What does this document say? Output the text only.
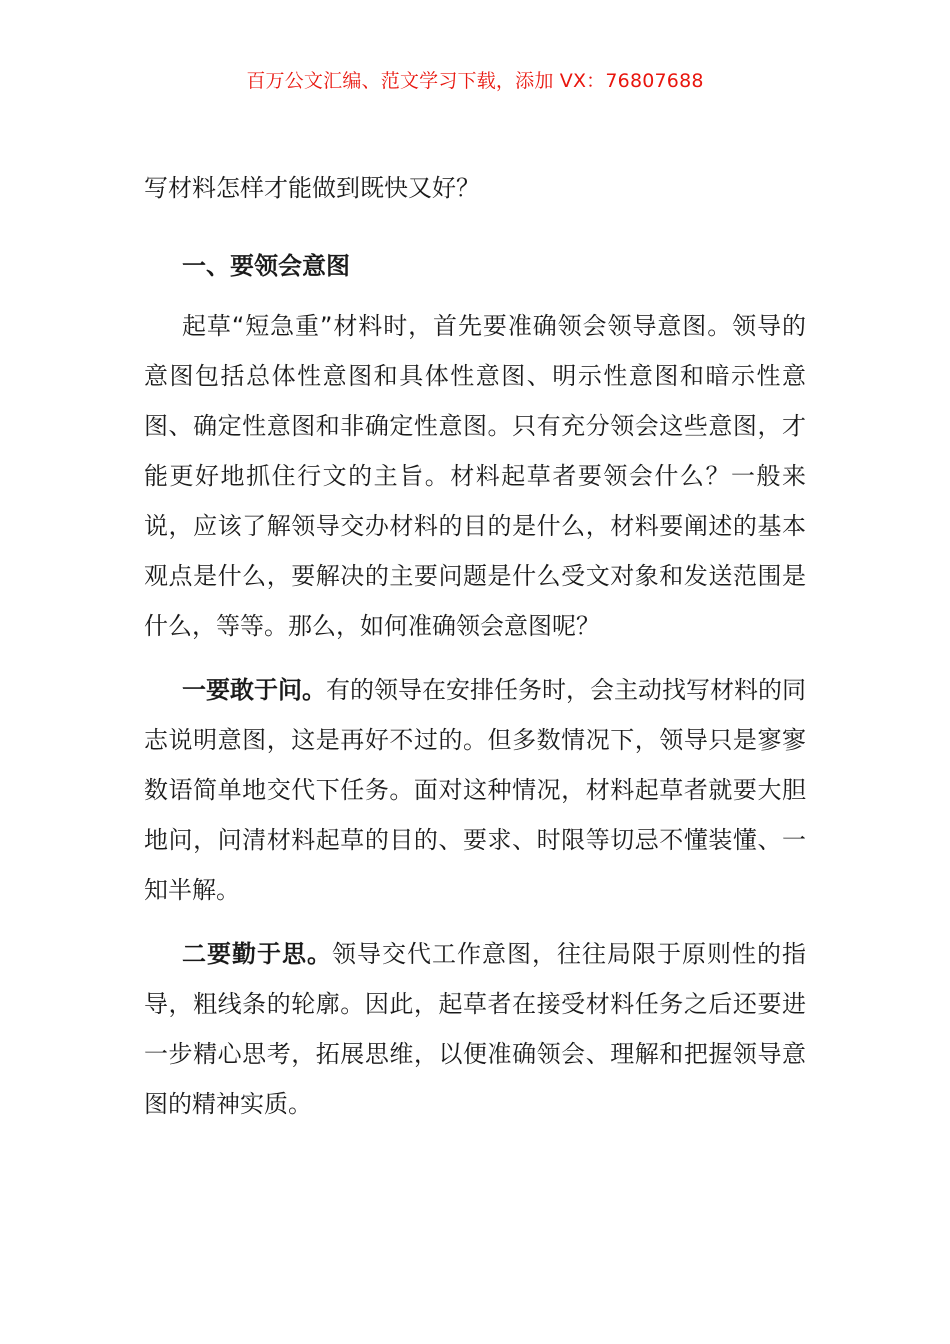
百万公文汇编、范文学习下载，添加 VX：76807688

写材料怎样才能做到既快又好？

一、要领会意图

起草“短急重”材料时，首先要准确领会领导意图。领导的意图包括总体性意图和具体性意图、明示性意图和暗示性意图、确定性意图和非确定性意图。只有充分领会这些意图，才能更好地抓住行文的主旨。材料起草者要领会什么？一般来说，应该了解领导交办材料的目的是什么，材料要阐述的基本观点是什么，要解决的主要问题是什么受文对象和发送范围是什么，等等。那么，如何准确领会意图呢？

一要敢于问。有的领导在安排任务时，会主动找写材料的同志说明意图，这是再好不过的。但多数情况下，领导只是寥寥数语简单地交代下任务。面对这种情况，材料起草者就要大胆地问，问清材料起草的目的、要求、时限等切忌不懂装懂、一知半解。

二要勤于思。领导交代工作意图，往往局限于原则性的指导，粗线条的轮廓。因此，起草者在接受材料任务之后还要进一步精心思考，拓展思维，以便准确领会、理解和把握领导意图的精神实质。
